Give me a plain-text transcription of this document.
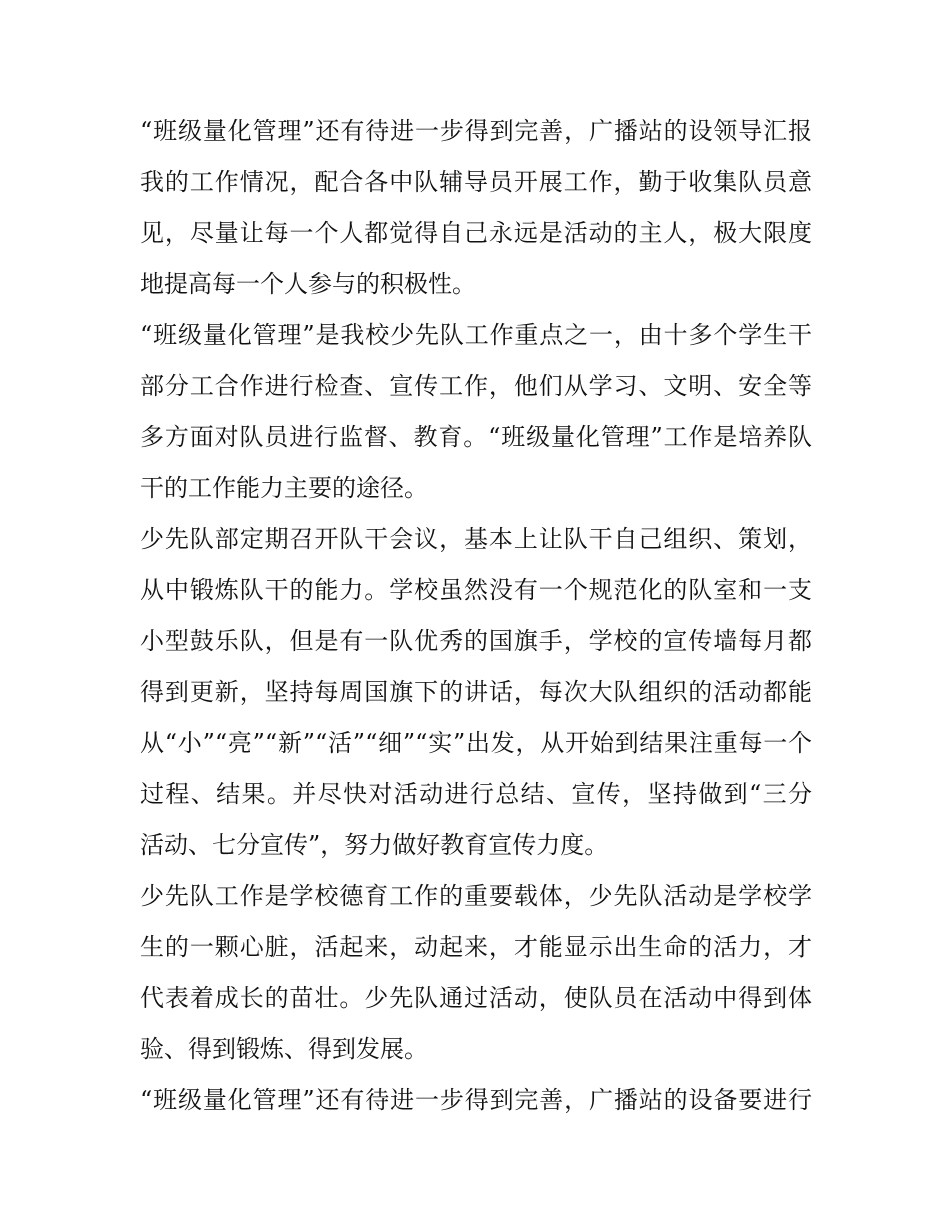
“班级量化管理”还有待进一步得到完善，广播站的设领导汇报
我的工作情况，配合各中队辅导员开展工作，勤于收集队员意
见，尽量让每一个人都觉得自己永远是活动的主人，极大限度
地提高每一个人参与的积极性。
“班级量化管理”是我校少先队工作重点之一，由十多个学生干
部分工合作进行检查、宣传工作，他们从学习、文明、安全等
多方面对队员进行监督、教育。“班级量化管理”工作是培养队
干的工作能力主要的途径。
少先队部定期召开队干会议，基本上让队干自己组织、策划，
从中锻炼队干的能力。学校虽然没有一个规范化的队室和一支
小型鼓乐队，但是有一队优秀的国旗手，学校的宣传墙每月都
得到更新，坚持每周国旗下的讲话，每次大队组织的活动都能
从“小”“亮”“新”“活”“细”“实”出发，从开始到结果注重每一个
过程、结果。并尽快对活动进行总结、宣传，坚持做到“三分
活动、七分宣传”，努力做好教育宣传力度。
少先队工作是学校德育工作的重要载体，少先队活动是学校学
生的一颗心脏，活起来，动起来，才能显示出生命的活力，才
代表着成长的苗壮。少先队通过活动，使队员在活动中得到体
验、得到锻炼、得到发展。
“班级量化管理”还有待进一步得到完善，广播站的设备要进行
